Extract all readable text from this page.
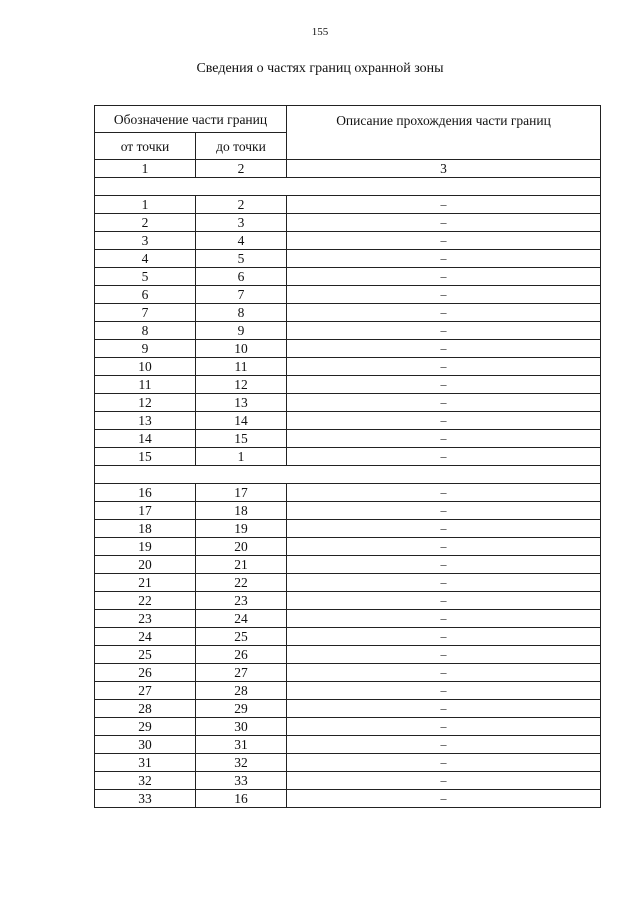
155
Сведения о частях границ охранной зоны
Обозначение части границ		Описание прохождения части границ
от точки	до точки	
1	2	3

1	2	–
2	3	–
3	4	–
4	5	–
5	6	–
6	7	–
7	8	–
8	9	–
9	10	–
10	11	–
11	12	–
12	13	–
13	14	–
14	15	–
15	1	–

16	17	–
17	18	–
18	19	–
19	20	–
20	21	–
21	22	–
22	23	–
23	24	–
24	25	–
25	26	–
26	27	–
27	28	–
28	29	–
29	30	–
30	31	–
31	32	–
32	33	–
33	16	–
